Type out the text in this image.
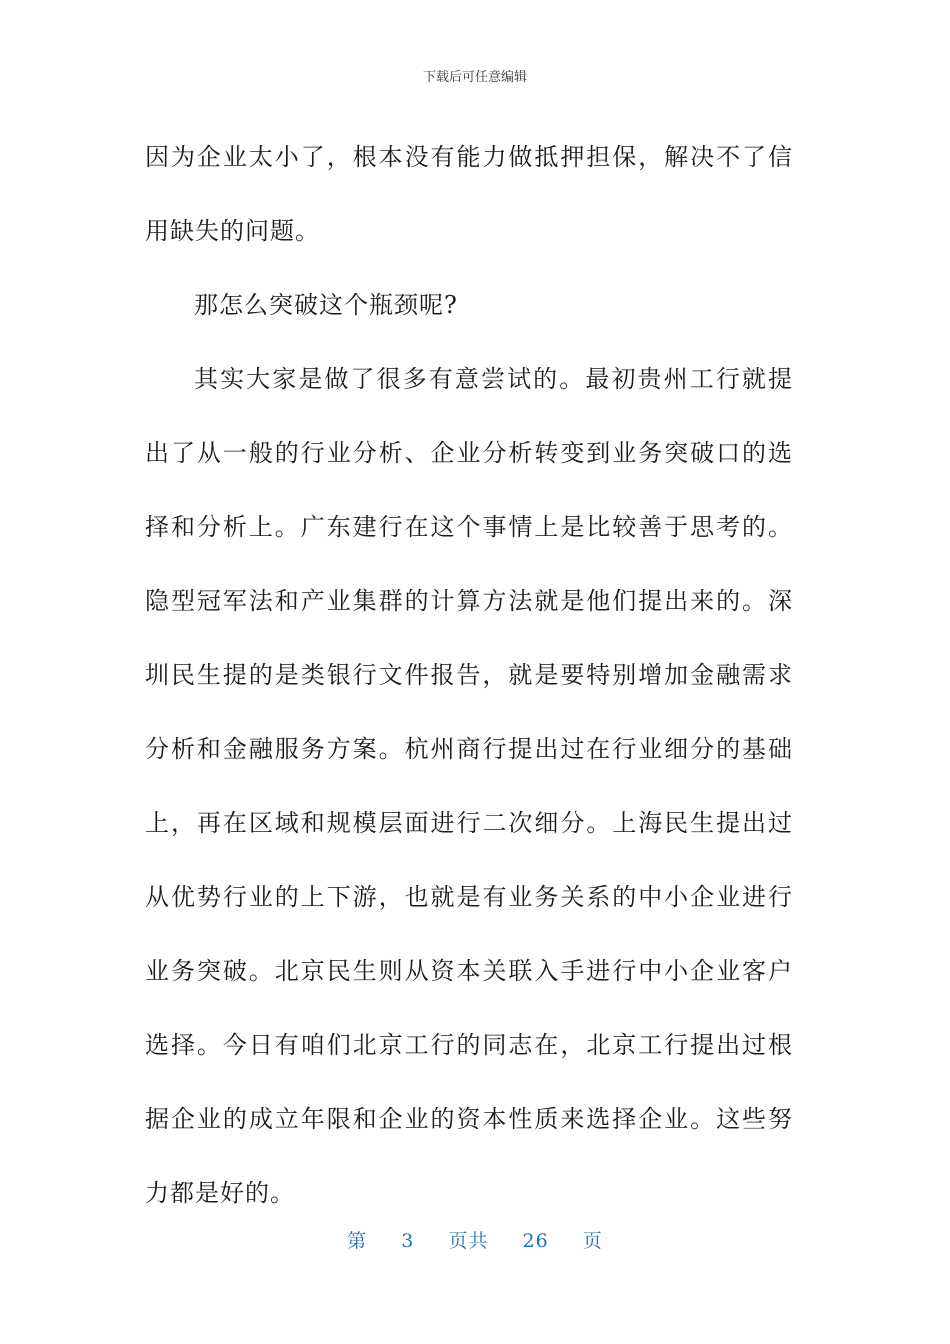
下载后可任意编辑

因为企业太小了，根本没有能力做抵押担保，解决不了信用缺失的问题。

那怎么突破这个瓶颈呢?

其实大家是做了很多有意尝试的。最初贵州工行就提出了从一般的行业分析、企业分析转变到业务突破口的选择和分析上。广东建行在这个事情上是比较善于思考的。隐型冠军法和产业集群的计算方法就是他们提出来的。深圳民生提的是类银行文件报告，就是要特别增加金融需求分析和金融服务方案。杭州商行提出过在行业细分的基础上，再在区域和规模层面进行二次细分。上海民生提出过从优势行业的上下游，也就是有业务关系的中小企业进行业务突破。北京民生则从资本关联入手进行中小企业客户选择。今日有咱们北京工行的同志在，北京工行提出过根据企业的成立年限和企业的资本性质来选择企业。这些努力都是好的。

第 3 页共 26 页
